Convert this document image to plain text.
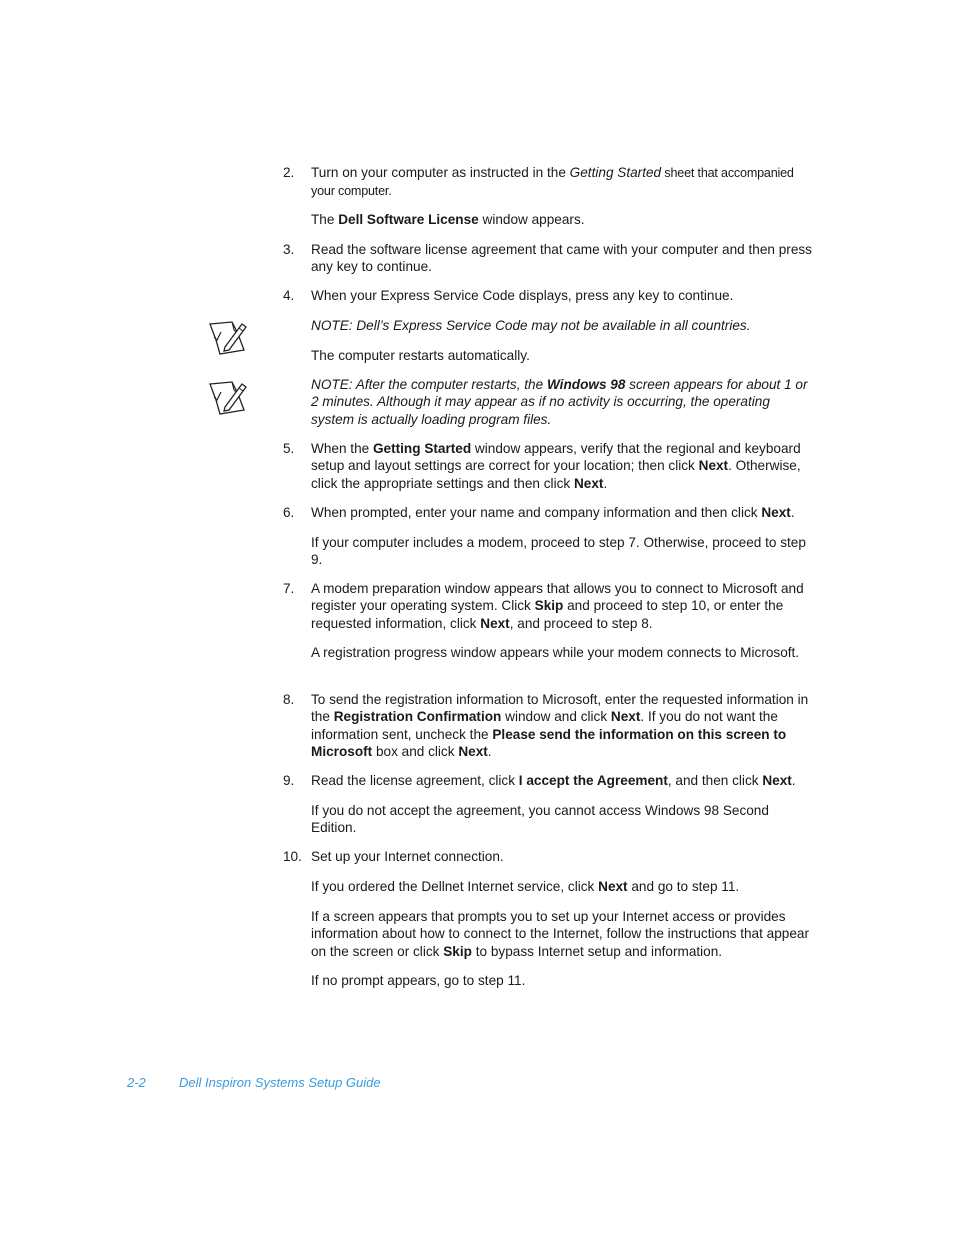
2. Turn on your computer as instructed in the Getting Started sheet that accompanied
your computer.

The Dell Software License window appears.

3. Read the software license agreement that came with your computer and then press any key to continue.

4. When your Express Service Code displays, press any key to continue.

NOTE: Dell’s Express Service Code may not be available in all countries.

The computer restarts automatically.

NOTE: After the computer restarts, the Windows 98 screen appears for about 1 or 2 minutes. Although it may appear as if no activity is occurring, the operating system is actually loading program files.

5. When the Getting Started window appears, verify that the regional and keyboard setup and layout settings are correct for your location; then click Next. Otherwise, click the appropriate settings and then click Next.

6. When prompted, enter your name and company information and then click Next.

If your computer includes a modem, proceed to step 7. Otherwise, proceed to step 9.

7. A modem preparation window appears that allows you to connect to Microsoft and register your operating system. Click Skip and proceed to step 10, or enter the requested information, click Next, and proceed to step 8.

A registration progress window appears while your modem connects to Microsoft.

8. To send the registration information to Microsoft, enter the requested information in the Registration Confirmation window and click Next. If you do not want the information sent, uncheck the Please send the information on this screen to Microsoft box and click Next.

9. Read the license agreement, click I accept the Agreement, and then click Next.

If you do not accept the agreement, you cannot access Windows 98 Second Edition.

10. Set up your Internet connection.

If you ordered the Dellnet Internet service, click Next and go to step 11.

If a screen appears that prompts you to set up your Internet access or provides information about how to connect to the Internet, follow the instructions that appear on the screen or click Skip to bypass Internet setup and information.

If no prompt appears, go to step 11.

2-2	Dell Inspiron Systems Setup Guide
